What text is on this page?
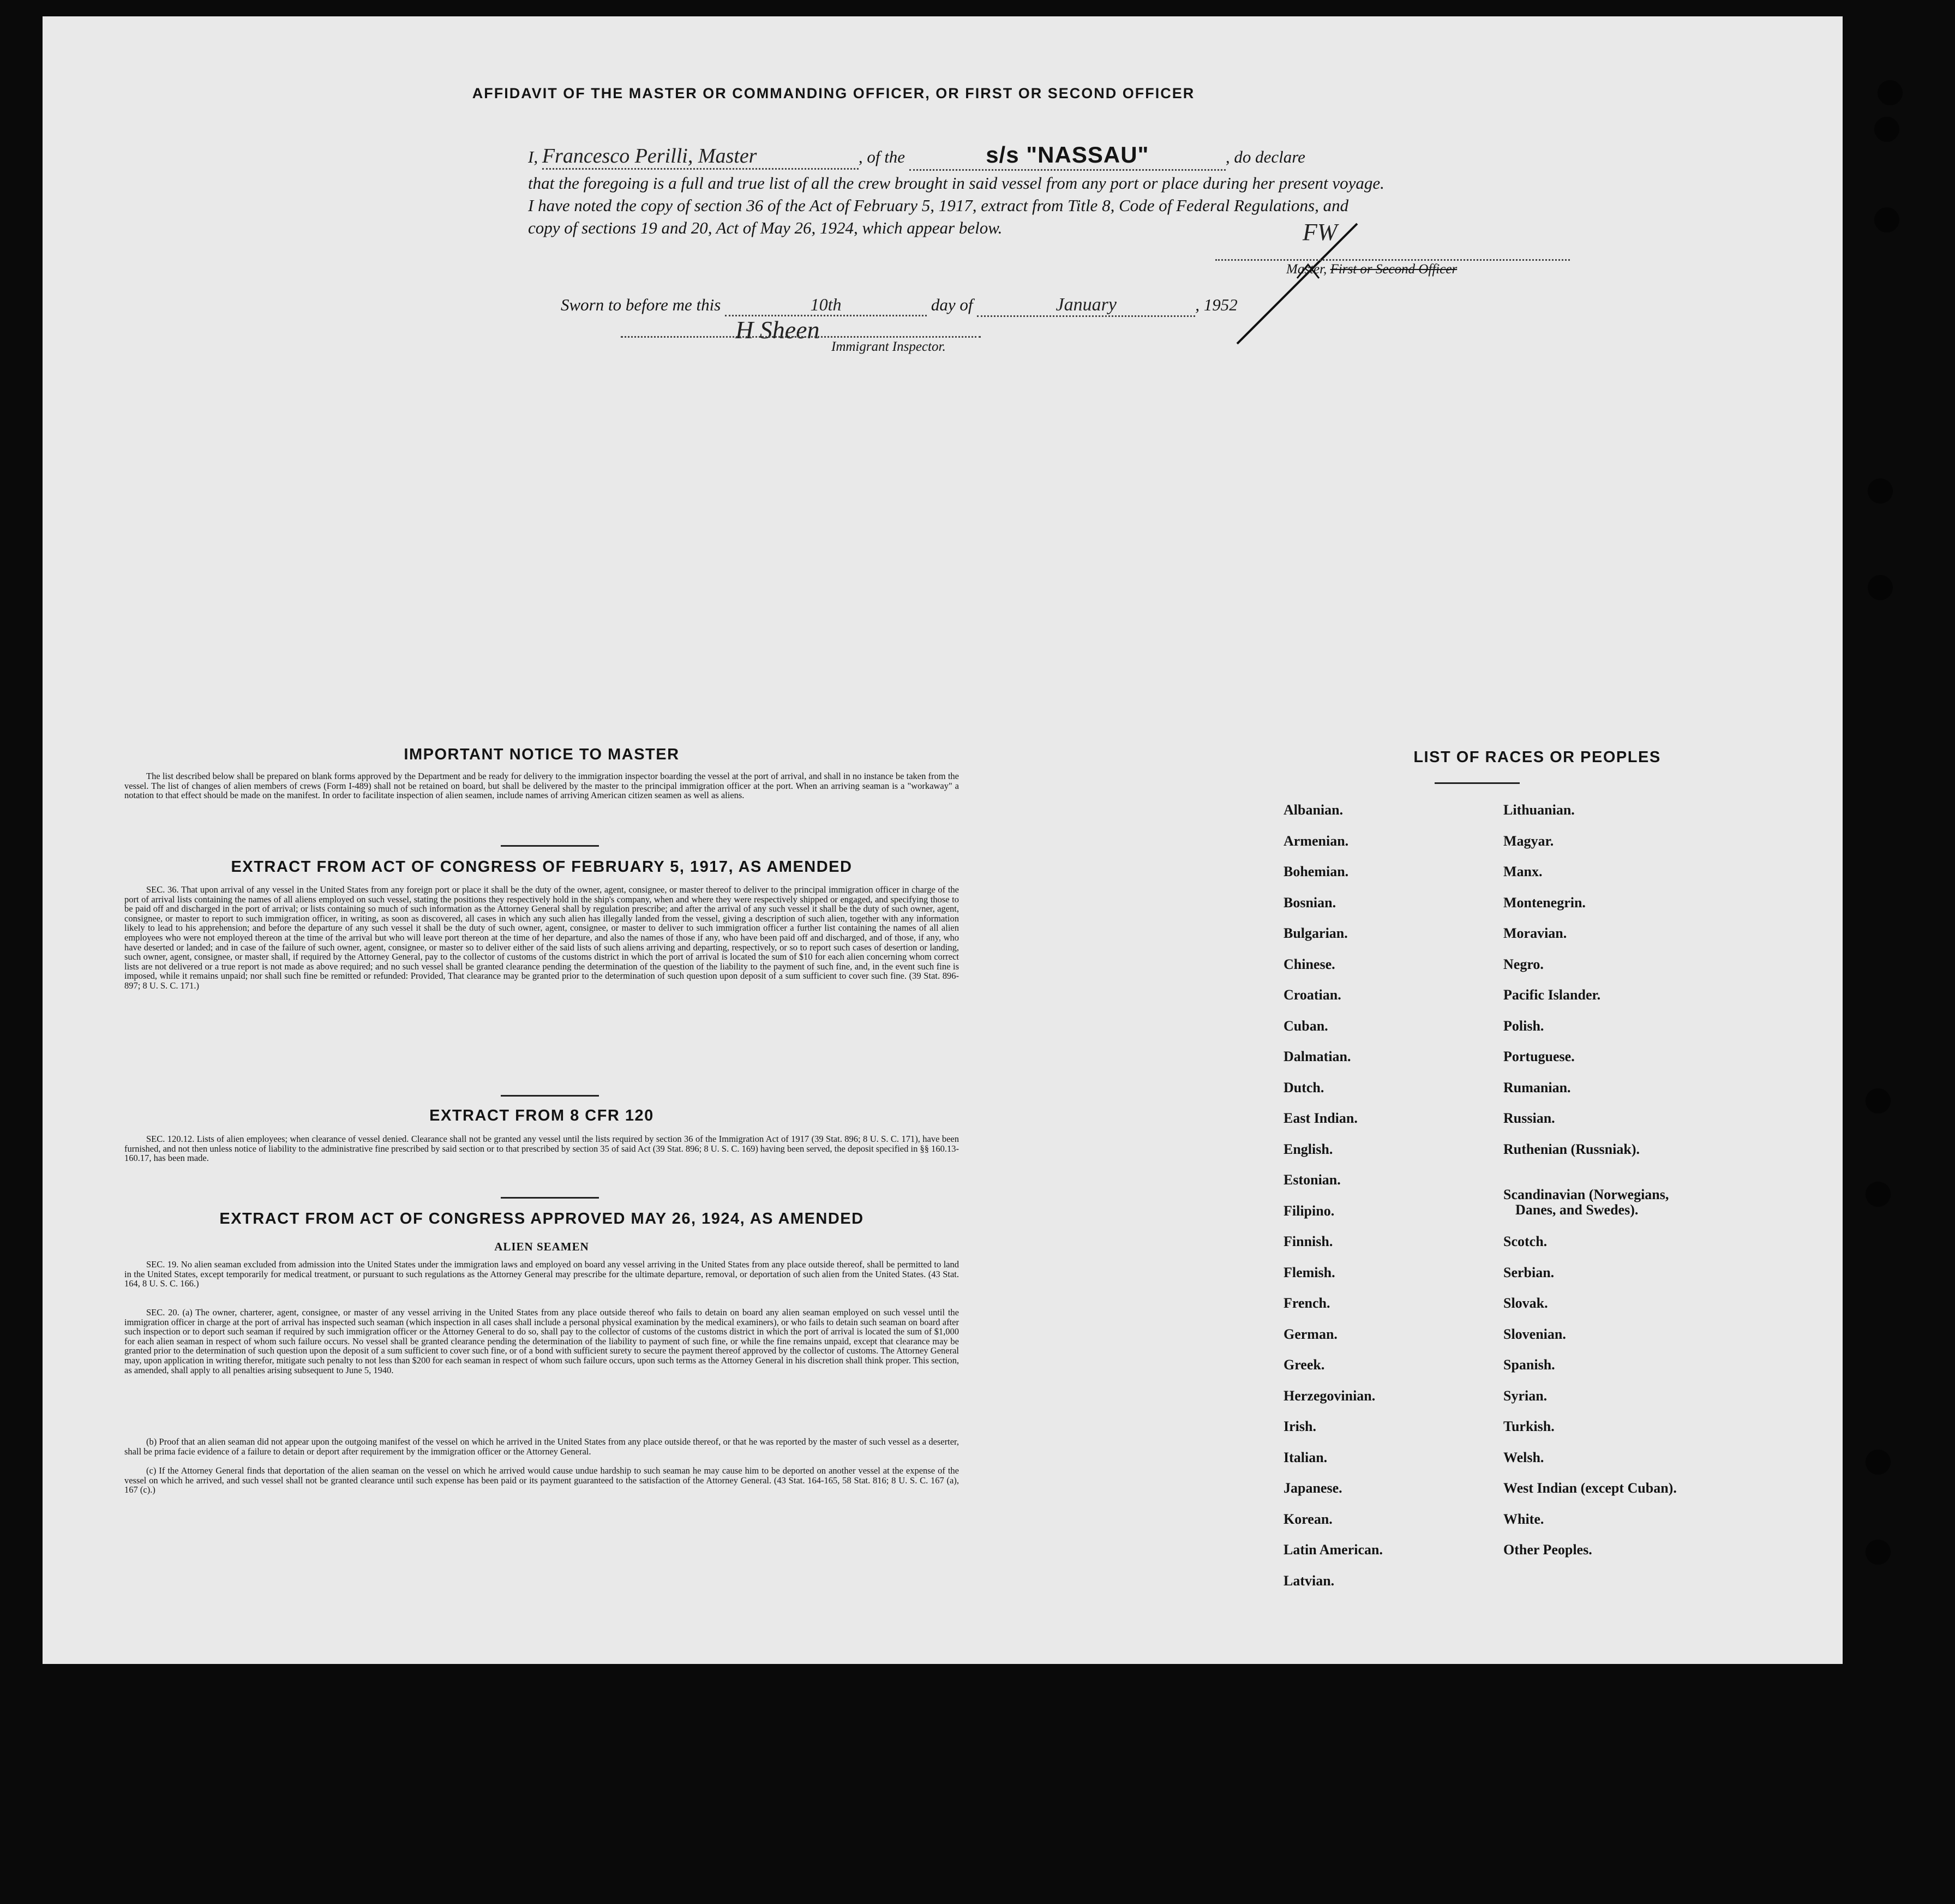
AFFIDAVIT OF THE MASTER OR COMMANDING OFFICER, OR FIRST OR SECOND OFFICER
I, Francesco Perilli, Master	, of the	s/s "NASSAU"	, do declare
that the foregoing is a full and true list of all the crew brought in said vessel from any port or place during her present voyage.
I have noted the copy of section 36 of the Act of February 5, 1917, extract from Title 8, Code of Federal Regulations, and
copy of sections 19 and 20, Act of May 26, 1924, which appear below.	FW
Master, First or Second Officer
Sworn to before me this	10th	day of	January	, 1952
H Sheen
Immigrant Inspector.
IMPORTANT NOTICE TO MASTER
The list described below shall be prepared on blank forms approved by the Department and be ready for delivery to the immigration inspector boarding the vessel at the port of arrival, and shall in no instance be taken from the vessel. The list of changes of alien members of crews (Form I-489) shall not be retained on board, but shall be delivered by the master to the principal immigration officer at the port. When an arriving seaman is a "workaway" a notation to that effect should be made on the manifest. In order to facilitate inspection of alien seamen, include names of arriving American citizen seamen as well as aliens.
EXTRACT FROM ACT OF CONGRESS OF FEBRUARY 5, 1917, AS AMENDED
SEC. 36. That upon arrival of any vessel in the United States from any foreign port or place it shall be the duty of the owner, agent, consignee, or master thereof to deliver to the principal immigration officer in charge of the port of arrival lists containing the names of all aliens employed on such vessel, stating the positions they respectively hold in the ship's company, when and where they were respectively shipped or engaged, and specifying those to be paid off and discharged in the port of arrival; or lists containing so much of such information as the Attorney General shall by regulation prescribe; and after the arrival of any such vessel it shall be the duty of such owner, agent, consignee, or master to report to such immigration officer, in writing, as soon as discovered, all cases in which any such alien has illegally landed from the vessel, giving a description of such alien, together with any information likely to lead to his apprehension; and before the departure of any such vessel it shall be the duty of such owner, agent, consignee, or master to deliver to such immigration officer a further list containing the names of all alien employees who were not employed thereon at the time of the arrival but who will leave port thereon at the time of her departure, and also the names of those if any, who have been paid off and discharged, and of those, if any, who have deserted or landed; and in case of the failure of such owner, agent, consignee, or master so to deliver either of the said lists of such aliens arriving and departing, respectively, or so to report such cases of desertion or landing, such owner, agent, consignee, or master shall, if required by the Attorney General, pay to the collector of customs of the customs district in which the port of arrival is located the sum of $10 for each alien concerning whom correct lists are not delivered or a true report is not made as above required; and no such vessel shall be granted clearance pending the determination of the question of the liability to the payment of such fine, and, in the event such fine is imposed, while it remains unpaid; nor shall such fine be remitted or refunded: Provided, That clearance may be granted prior to the determination of such question upon deposit of a sum sufficient to cover such fine. (39 Stat. 896-897; 8 U. S. C. 171.)
EXTRACT FROM 8 CFR 120
SEC. 120.12. Lists of alien employees; when clearance of vessel denied. Clearance shall not be granted any vessel until the lists required by section 36 of the Immigration Act of 1917 (39 Stat. 896; 8 U. S. C. 171), have been furnished, and not then unless notice of liability to the administrative fine prescribed by said section or to that prescribed by section 35 of said Act (39 Stat. 896; 8 U. S. C. 169) having been served, the deposit specified in §§ 160.13-160.17, has been made.
EXTRACT FROM ACT OF CONGRESS APPROVED MAY 26, 1924, AS AMENDED
ALIEN SEAMEN
SEC. 19. No alien seaman excluded from admission into the United States under the immigration laws and employed on board any vessel arriving in the United States from any place outside thereof, shall be permitted to land in the United States, except temporarily for medical treatment, or pursuant to such regulations as the Attorney General may prescribe for the ultimate departure, removal, or deportation of such alien from the United States. (43 Stat. 164, 8 U. S. C. 166.)
SEC. 20. (a) The owner, charterer, agent, consignee, or master of any vessel arriving in the United States from any place outside thereof who fails to detain on board any alien seaman employed on such vessel until the immigration officer in charge at the port of arrival has inspected such seaman (which inspection in all cases shall include a personal physical examination by the medical examiners), or who fails to detain such seaman on board after such inspection or to deport such seaman if required by such immigration officer or the Attorney General to do so, shall pay to the collector of customs of the customs district in which the port of arrival is located the sum of $1,000 for each alien seaman in respect of whom such failure occurs. No vessel shall be granted clearance pending the determination of the liability to payment of such fine, or while the fine remains unpaid, except that clearance may be granted prior to the determination of such question upon the deposit of a sum sufficient to cover such fine, or of a bond with sufficient surety to secure the payment thereof approved by the collector of customs. The Attorney General may, upon application in writing therefor, mitigate such penalty to not less than $200 for each seaman in respect of whom such failure occurs, upon such terms as the Attorney General in his discretion shall think proper. This section, as amended, shall apply to all penalties arising subsequent to June 5, 1940.
(b) Proof that an alien seaman did not appear upon the outgoing manifest of the vessel on which he arrived in the United States from any place outside thereof, or that he was reported by the master of such vessel as a deserter, shall be prima facie evidence of a failure to detain or deport after requirement by the immigration officer or the Attorney General.
(c) If the Attorney General finds that deportation of the alien seaman on the vessel on which he arrived would cause undue hardship to such seaman he may cause him to be deported on another vessel at the expense of the vessel on which he arrived, and such vessel shall not be granted clearance until such expense has been paid or its payment guaranteed to the satisfaction of the Attorney General. (43 Stat. 164-165, 58 Stat. 816; 8 U. S. C. 167 (a), 167 (c).)
LIST OF RACES OR PEOPLES
Albanian.
Armenian.
Bohemian.
Bosnian.
Bulgarian.
Chinese.
Croatian.
Cuban.
Dalmatian.
Dutch.
East Indian.
English.
Estonian.
Filipino.
Finnish.
Flemish.
French.
German.
Greek.
Herzegovinian.
Irish.
Italian.
Japanese.
Korean.
Latin American.
Latvian.
Lithuanian.
Magyar.
Manx.
Montenegrin.
Moravian.
Negro.
Pacific Islander.
Polish.
Portuguese.
Rumanian.
Russian.
Ruthenian (Russniak).
Scandinavian (Norwegians,
Danes, and Swedes).
Scotch.
Serbian.
Slovak.
Slovenian.
Spanish.
Syrian.
Turkish.
Welsh.
West Indian (except Cuban).
White.
Other Peoples.
